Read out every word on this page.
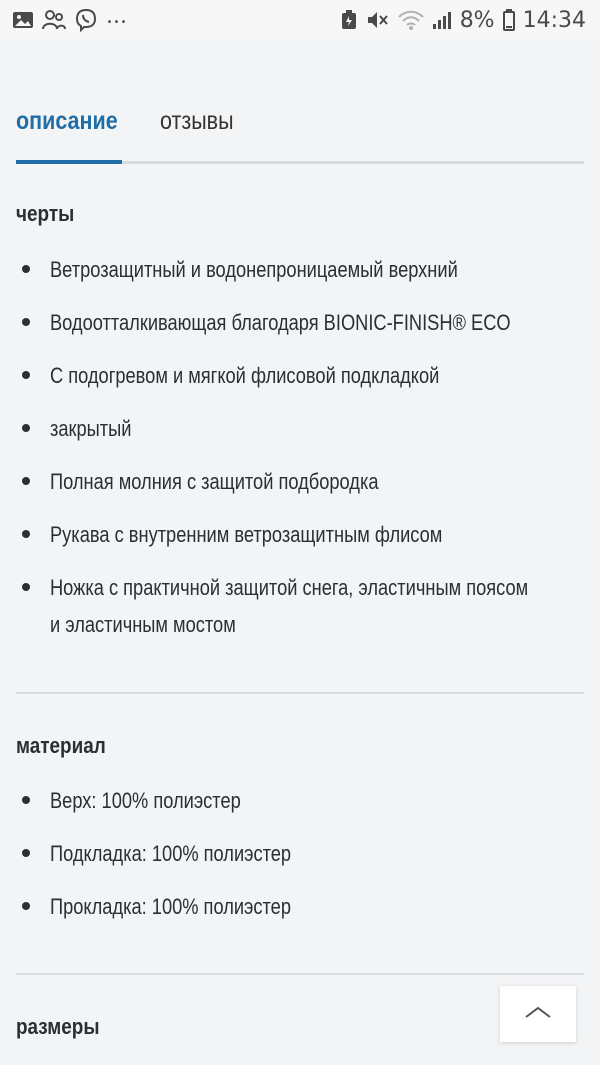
...	8% 14:34
описание отзывы
черты
Ветрозащитный и водонепроницаемый верхний
Водоотталкивающая благодаря BIONIC-FINISH® ECO
С подогревом и мягкой флисовой подкладкой
закрытый
Полная молния с защитой подбородка
Рукава с внутренним ветрозащитным флисом
Ножка с практичной защитой снега, эластичным поясом
и эластичным мостом
материал
Верх: 100% полиэстер
Подкладка: 100% полиэстер
Прокладка: 100% полиэстер
размеры
